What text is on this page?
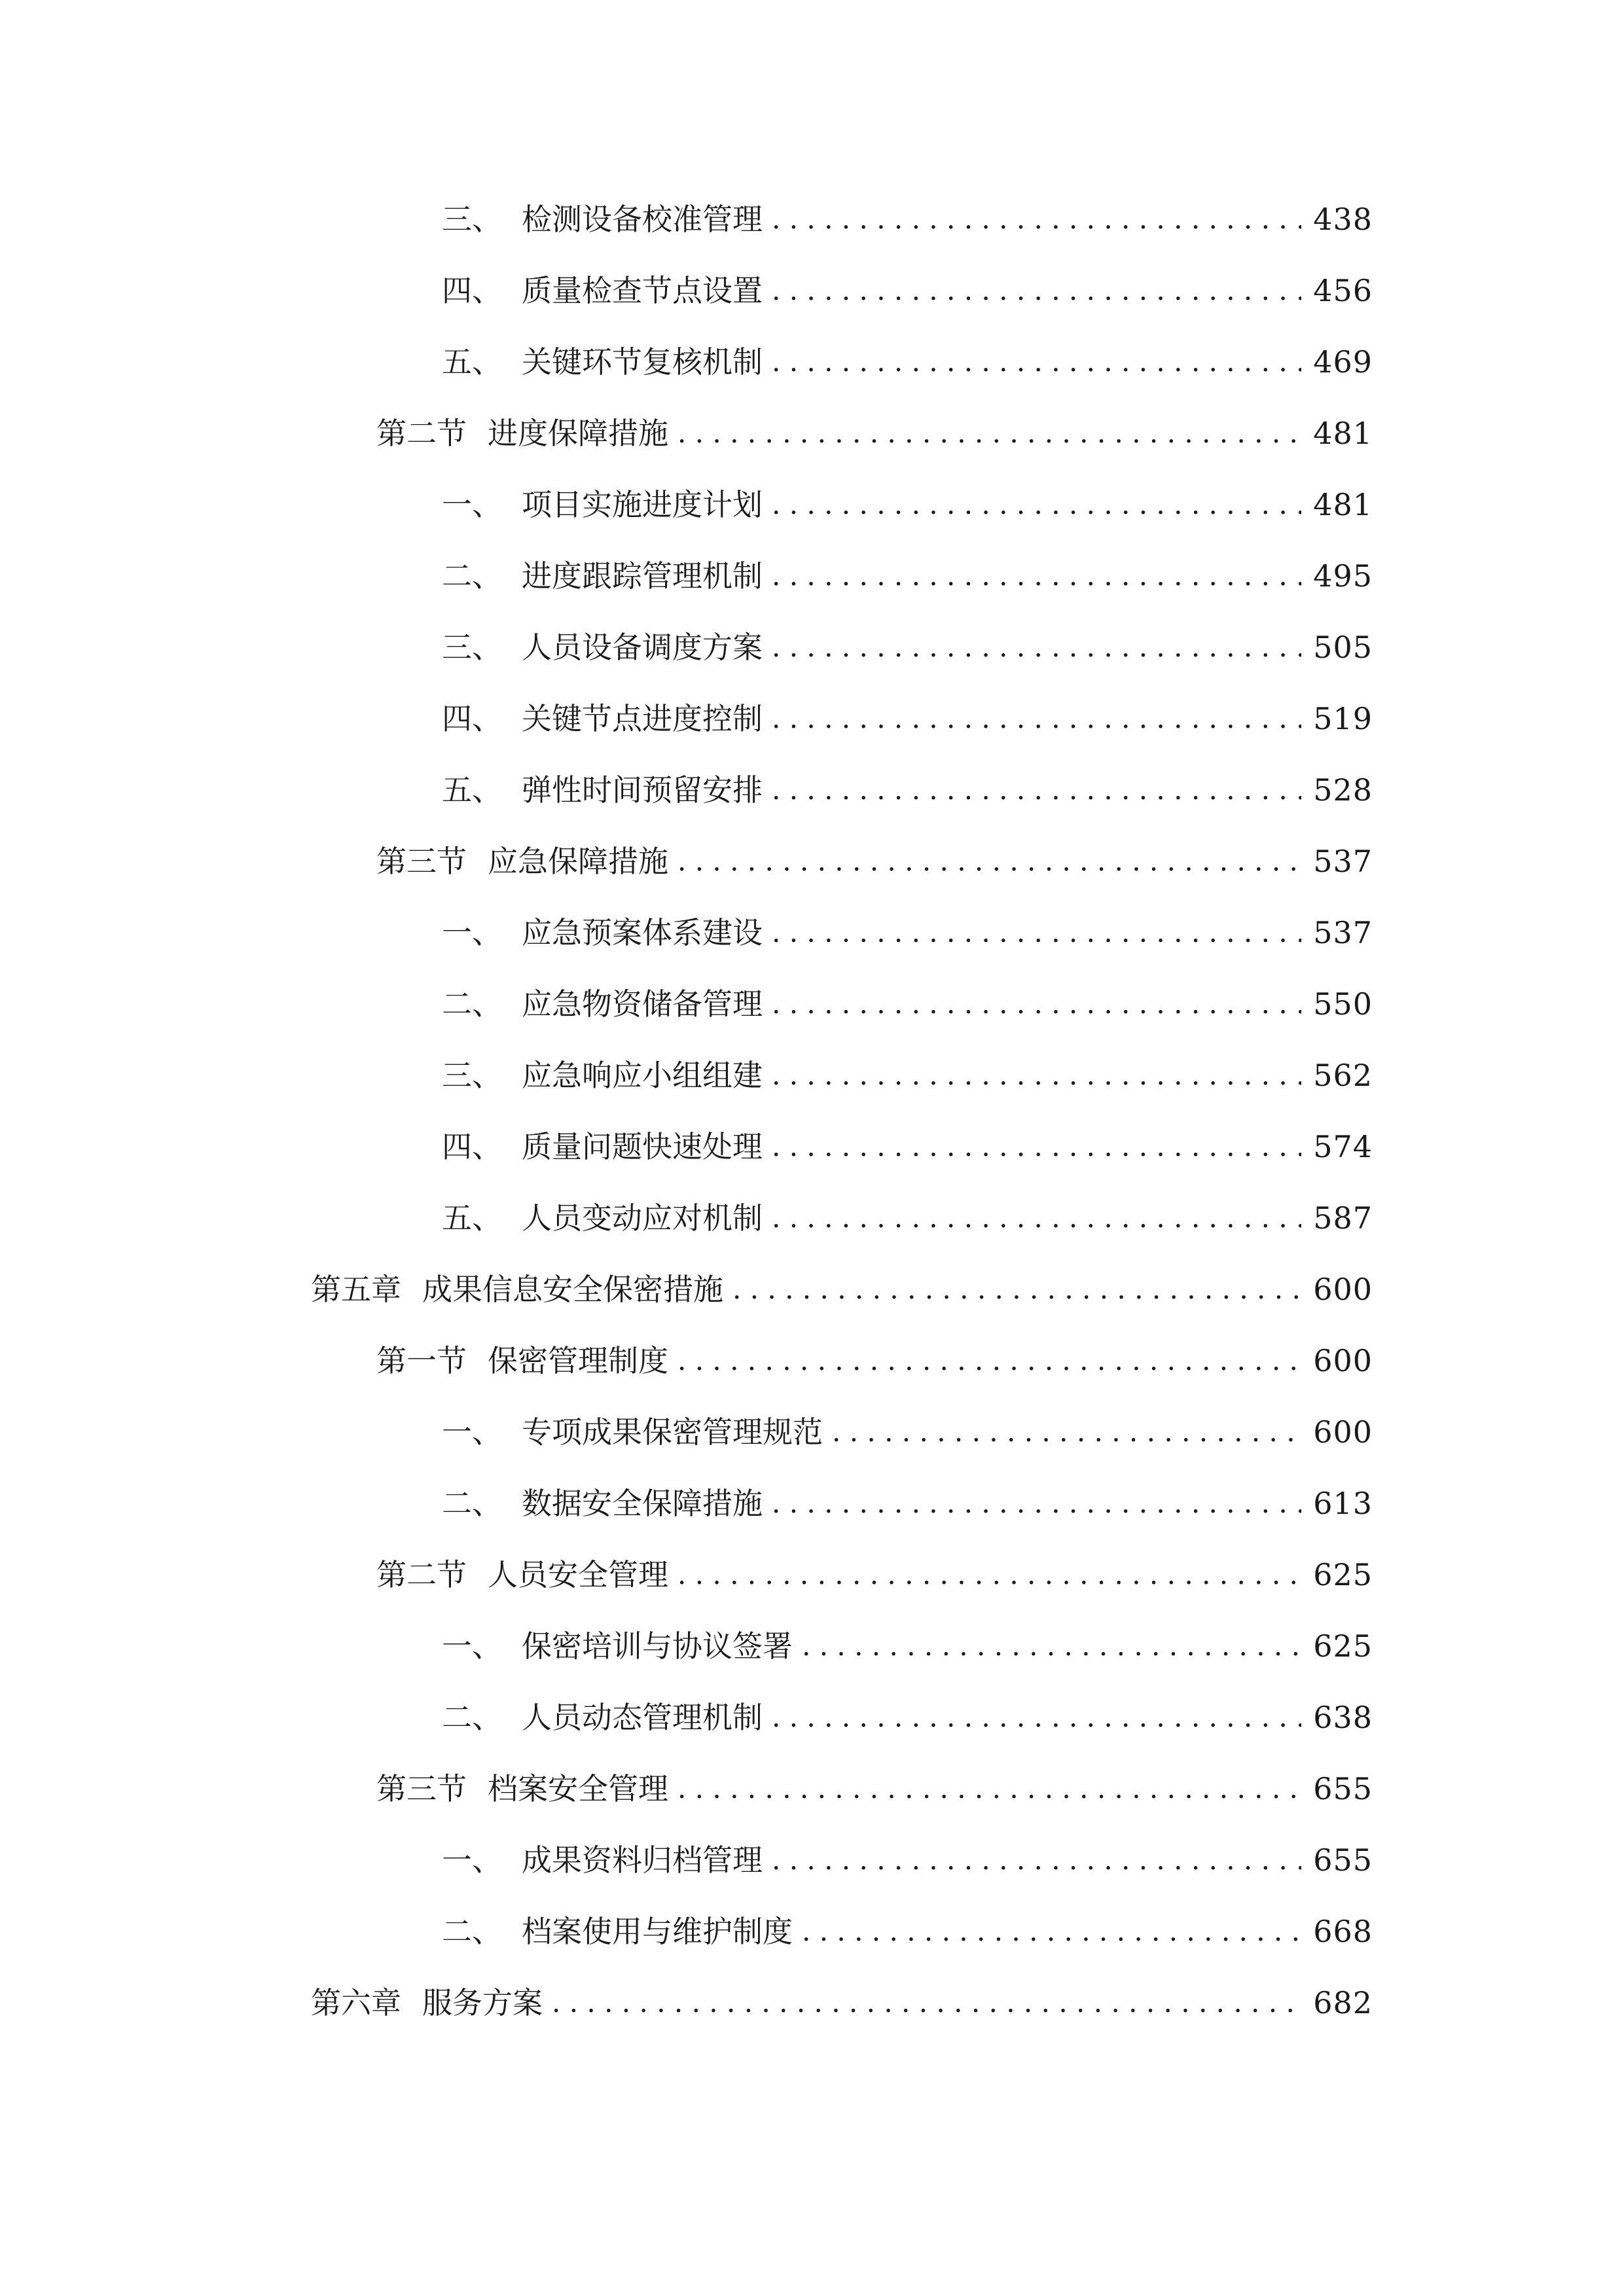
三、 检测设备校准管理 . . .	438
四、 质量检查节点设置 . . .	456
五、 关键环节复核机制 . . .	469
第二节 进度保障措施 . . .	481
一、 项目实施进度计划 . . .	481
二、 进度跟踪管理机制 . . .	495
三、 人员设备调度方案 . . .	505
四、 关键节点进度控制 . . .	519
五、 弹性时间预留安排 . . .	528
第三节 应急保障措施 . . .	537
一、 应急预案体系建设 . . .	537
二、 应急物资储备管理 . . .	550
三、 应急响应小组组建 . . .	562
四、 质量问题快速处理 . . .	574
五、 人员变动应对机制 . . .	587
第五章 成果信息安全保密措施 . . .	600
第一节 保密管理制度 . . .	600
一、 专项成果保密管理规范 . . .	600
二、 数据安全保障措施 . . .	613
第二节 人员安全管理 . . .	625
一、 保密培训与协议签署 . . .	625
二、 人员动态管理机制 . . .	638
第三节 档案安全管理 . . .	655
一、 成果资料归档管理 . . .	655
二、 档案使用与维护制度 . . .	668
第六章 服务方案 . . .	682
